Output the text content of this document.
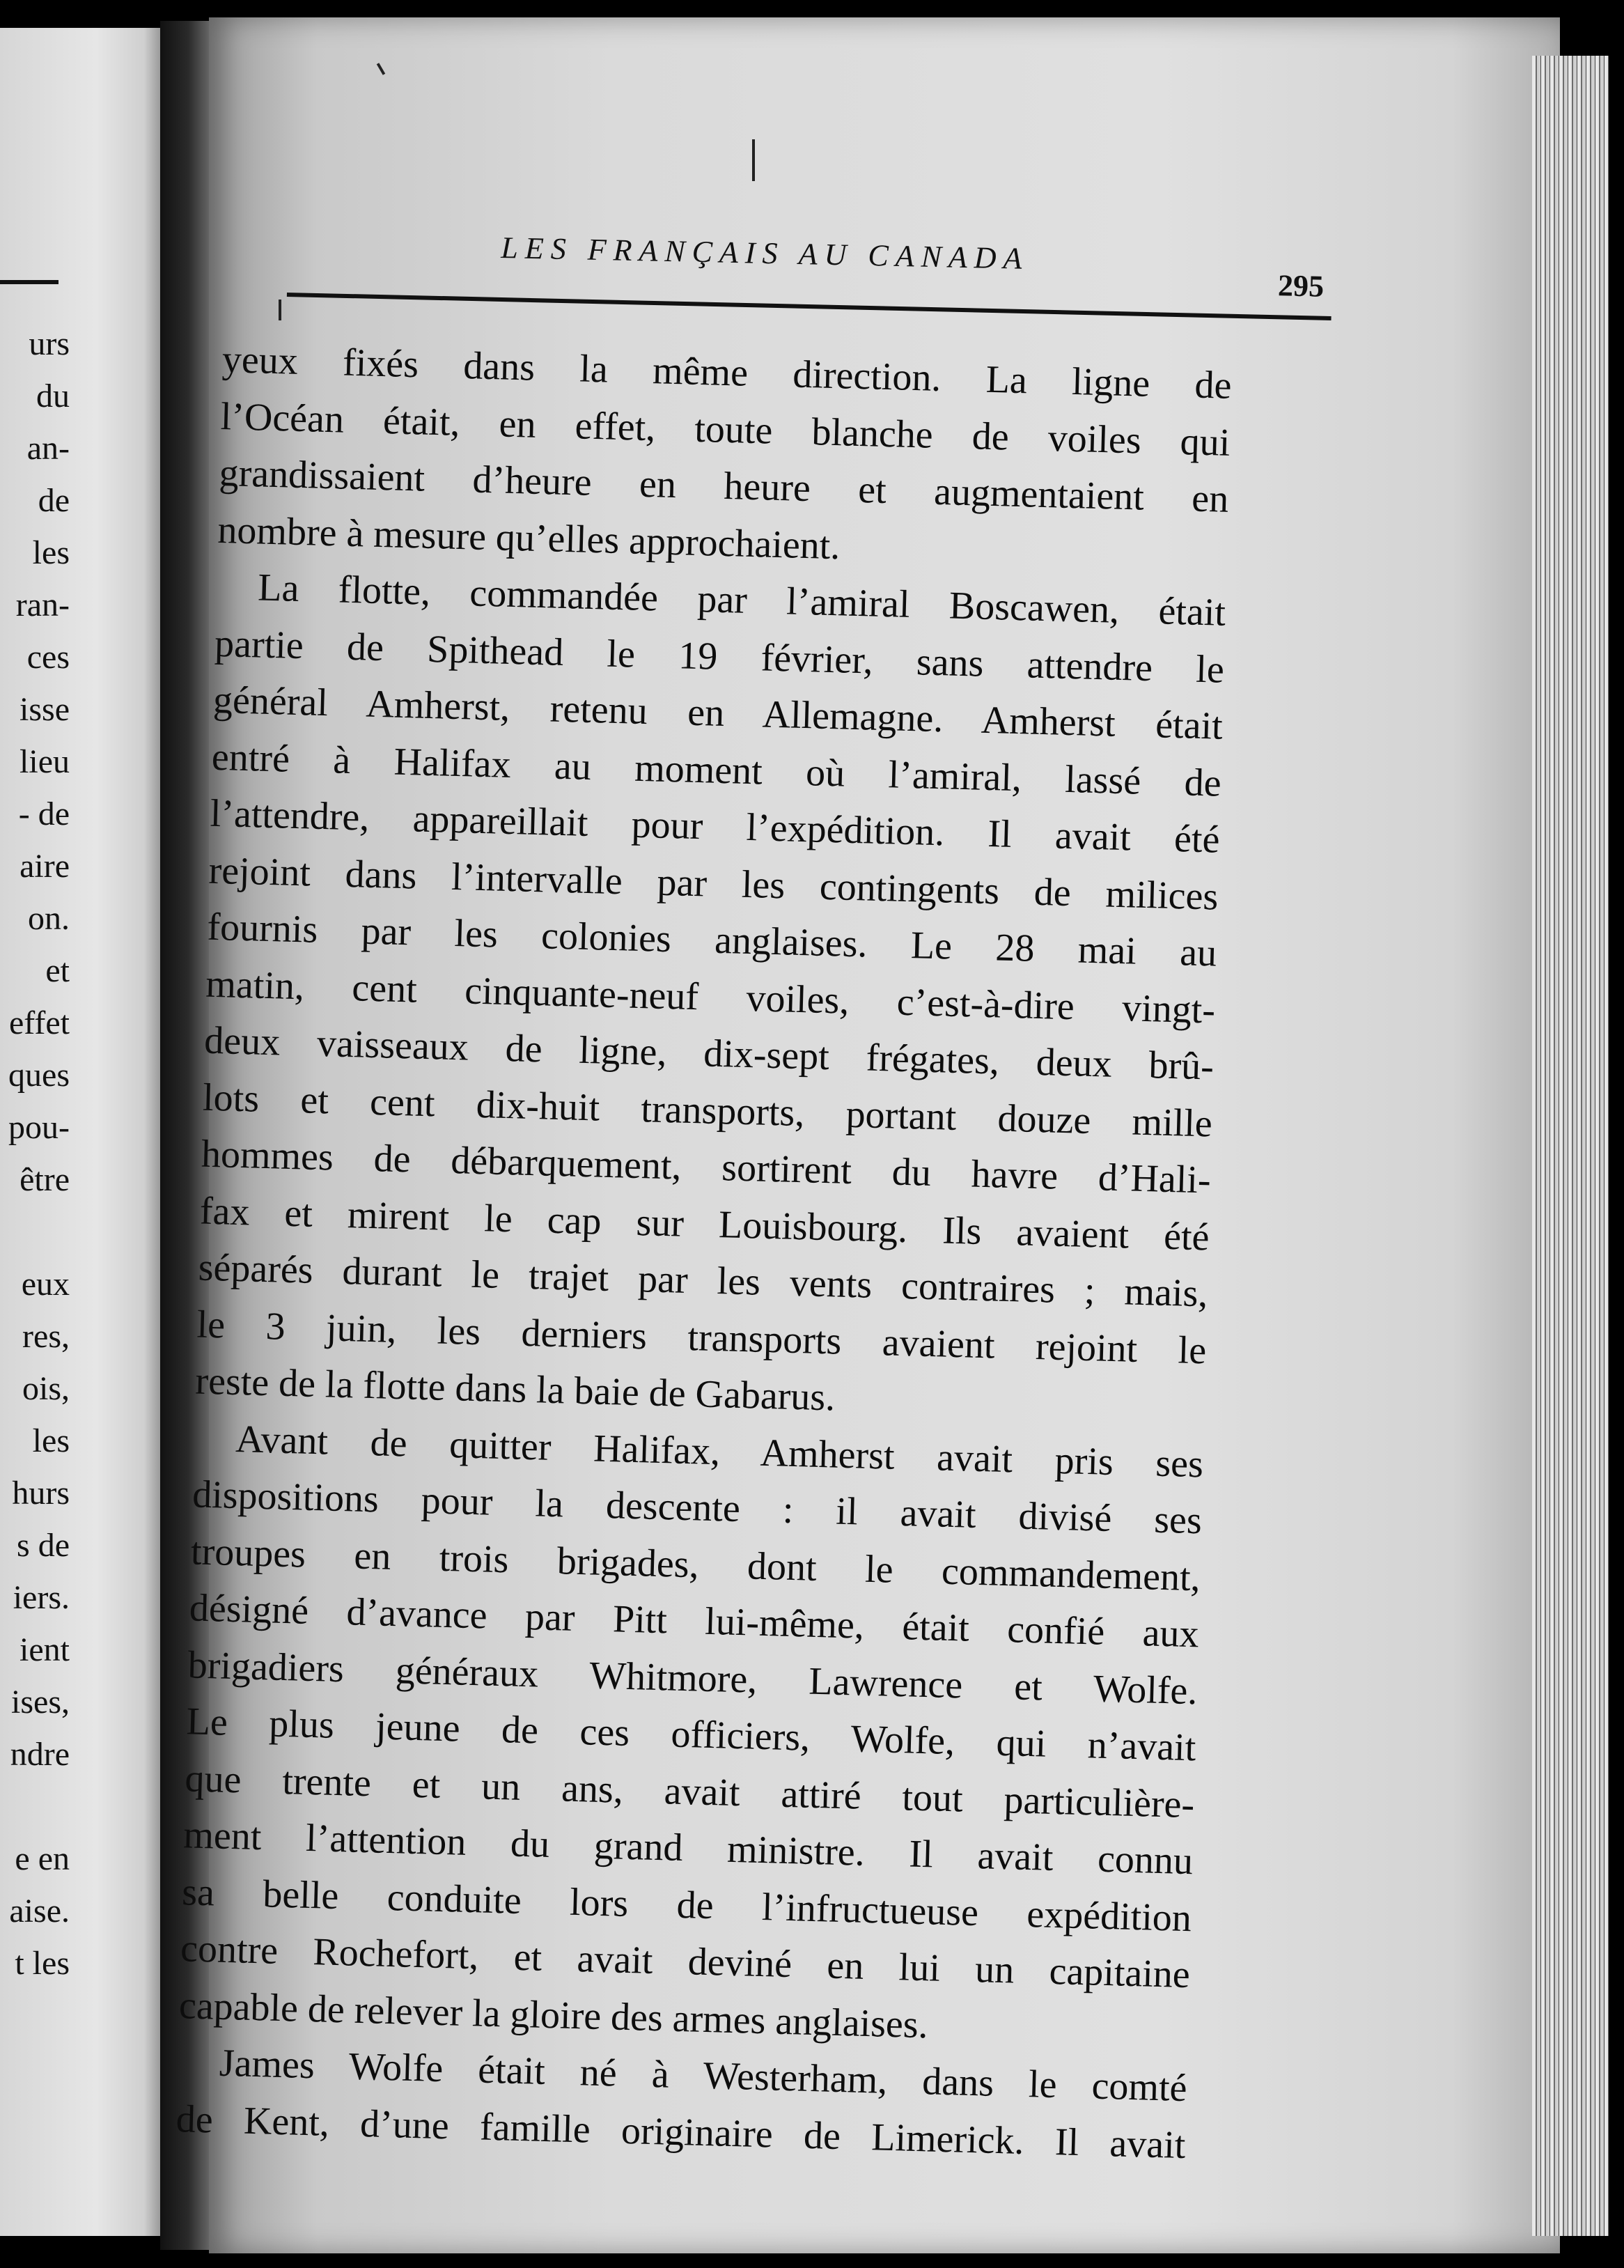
urs
du
an-
de
les
ran-
ces
isse
lieu
- de
aire
on.
et
effet
ques
pou-
être
eux
res,
ois,
les
hurs
s de
iers.
ient
ises,
ndre
e en
aise.
t les
LES FRANÇAIS AU CANADA
295
yeux fixés dans la même direction. La ligne de
l’Océan était, en effet, toute blanche de voiles qui
grandissaient d’heure en heure et augmentaient en
nombre à mesure qu’elles approchaient.
La flotte, commandée par l’amiral Boscawen, était
partie de Spithead le 19 février, sans attendre le
général Amherst, retenu en Allemagne. Amherst était
entré à Halifax au moment où l’amiral, lassé de
l’attendre, appareillait pour l’expédition. Il avait été
rejoint dans l’intervalle par les contingents de milices
fournis par les colonies anglaises. Le 28 mai au
matin, cent cinquante-neuf voiles, c’est-à-dire vingt-
deux vaisseaux de ligne, dix-sept frégates, deux brû-
lots et cent dix-huit transports, portant douze mille
hommes de débarquement, sortirent du havre d’Hali-
fax et mirent le cap sur Louisbourg. Ils avaient été
séparés durant le trajet par les vents contraires ; mais,
le 3 juin, les derniers transports avaient rejoint le
reste de la flotte dans la baie de Gabarus.
Avant de quitter Halifax, Amherst avait pris ses
dispositions pour la descente : il avait divisé ses
troupes en trois brigades, dont le commandement,
désigné d’avance par Pitt lui-même, était confié aux
brigadiers généraux Whitmore, Lawrence et Wolfe.
Le plus jeune de ces officiers, Wolfe, qui n’avait
que trente et un ans, avait attiré tout particulière-
ment l’attention du grand ministre. Il avait connu
sa belle conduite lors de l’infructueuse expédition
contre Rochefort, et avait deviné en lui un capitaine
capable de relever la gloire des armes anglaises.
James Wolfe était né à Westerham, dans le comté
de Kent, d’une famille originaire de Limerick. Il avait
